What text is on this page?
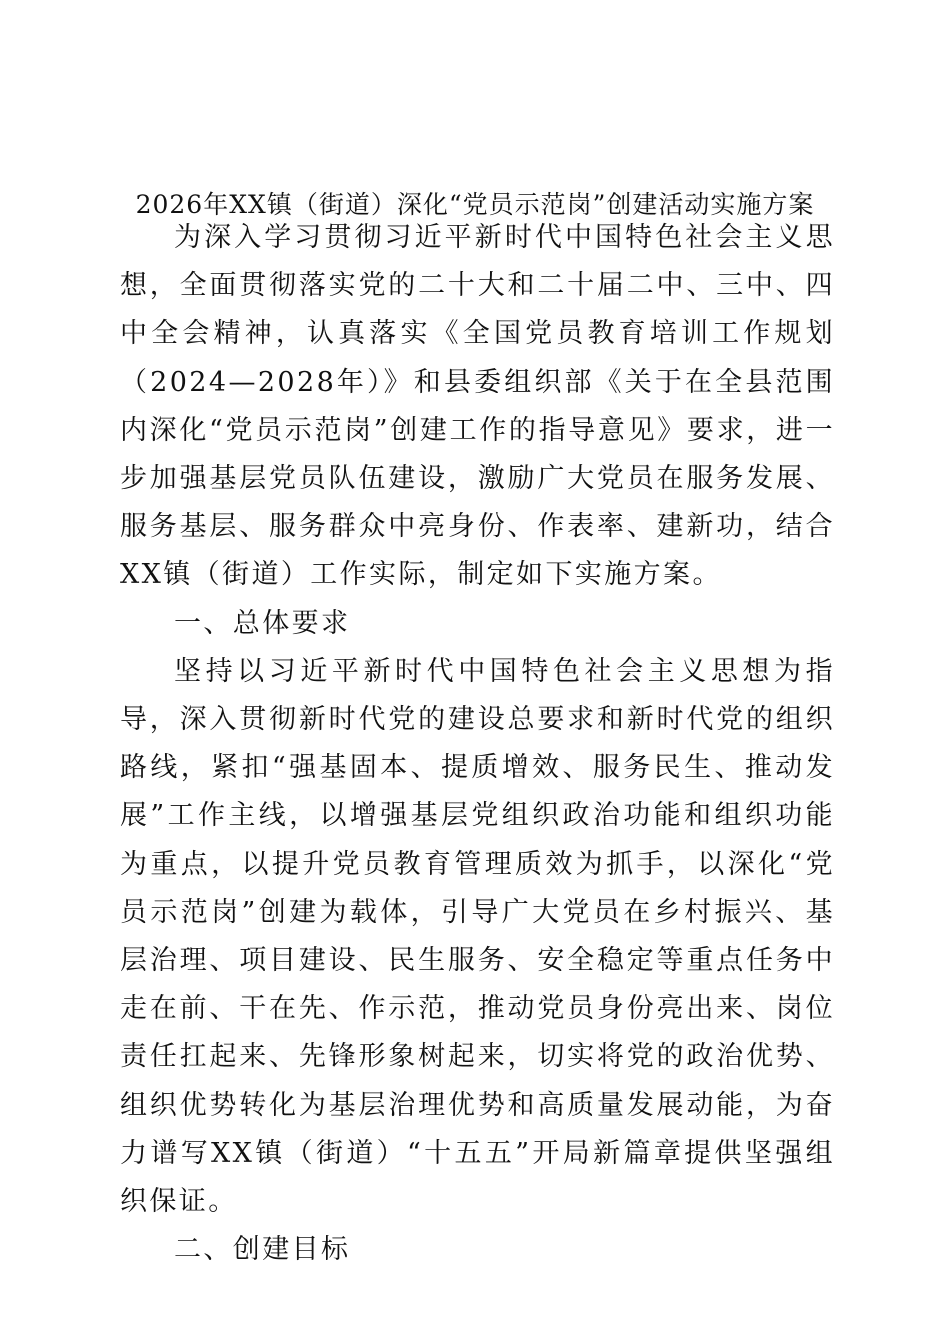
2026年XX镇（街道）深化“党员示范岗”创建活动实施方案

为深入学习贯彻习近平新时代中国特色社会主义思想，全面贯彻落实党的二十大和二十届二中、三中、四中全会精神，认真落实《全国党员教育培训工作规划（2024—2028年）》和县委组织部《关于在全县范围内深化“党员示范岗”创建工作的指导意见》要求，进一步加强基层党员队伍建设，激励广大党员在服务发展、服务基层、服务群众中亮身份、作表率、建新功，结合XX镇（街道）工作实际，制定如下实施方案。

一、总体要求

坚持以习近平新时代中国特色社会主义思想为指导，深入贯彻新时代党的建设总要求和新时代党的组织路线，紧扣“强基固本、提质增效、服务民生、推动发展”工作主线，以增强基层党组织政治功能和组织功能为重点，以提升党员教育管理质效为抓手，以深化“党员示范岗”创建为载体，引导广大党员在乡村振兴、基层治理、项目建设、民生服务、安全稳定等重点任务中走在前、干在先、作示范，推动党员身份亮出来、岗位责任扛起来、先锋形象树起来，切实将党的政治优势、组织优势转化为基层治理优势和高质量发展动能，为奋力谱写XX镇（街道）“十五五”开局新篇章提供坚强组织保证。

二、创建目标
